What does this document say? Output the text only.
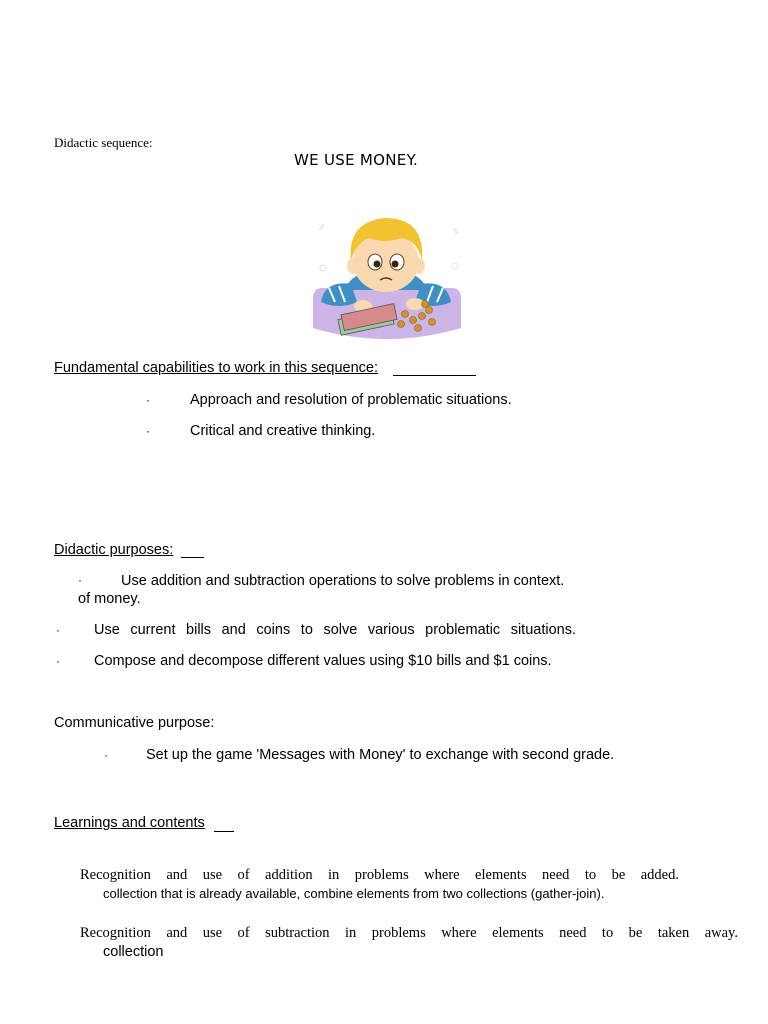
Didactic sequence:
WE USE MONEY.
Fundamental capabilities to work in this sequence:
·	Approach and resolution of problematic situations.
·	Critical and creative thinking.
Didactic purposes:
·	Use addition and subtraction operations to solve problems in context.
of money.
· Use current bills and coins to solve various problematic situations.
· Compose and decompose different values using $10 bills and $1 coins.
Communicative purpose:
·	Set up the game 'Messages with Money' to exchange with second grade.
Learnings and contents
Recognition and use of addition in problems where elements need to be added.
collection that is already available, combine elements from two collections (gather-join).
Recognition and use of subtraction in problems where elements need to be taken away.
collection
